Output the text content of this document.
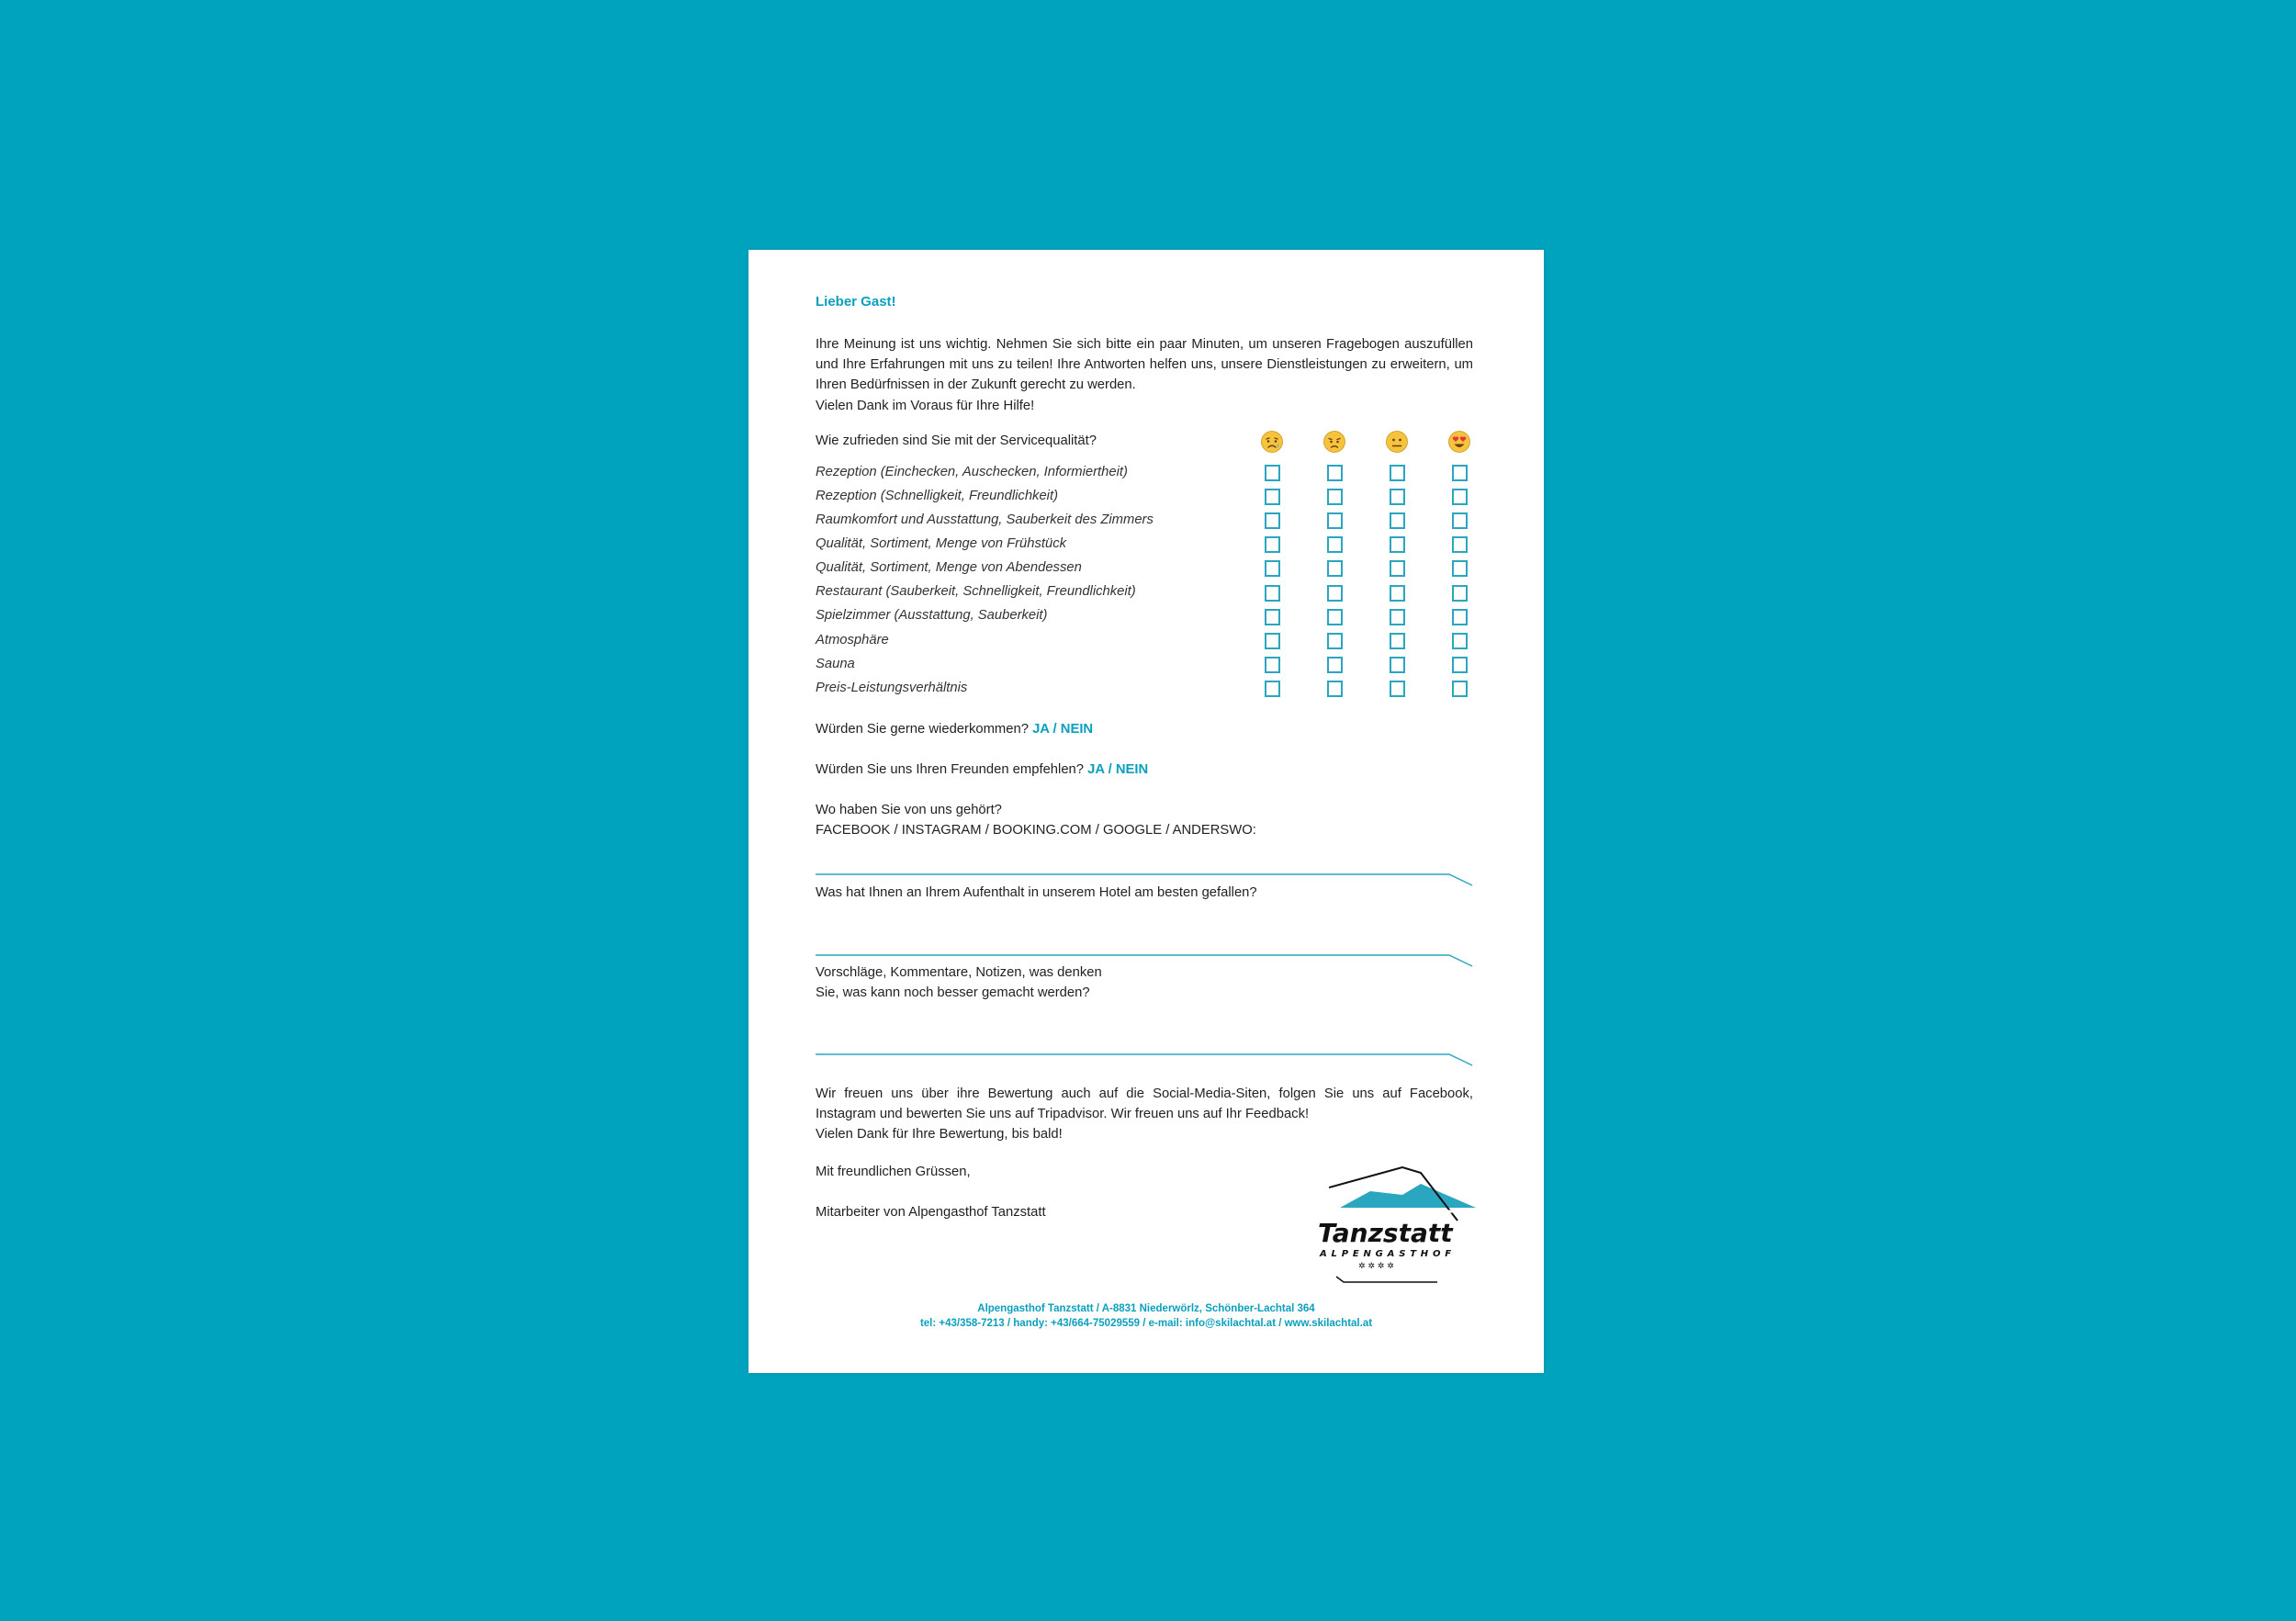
Lieber Gast!

Ihre Meinung ist uns wichtig. Nehmen Sie sich bitte ein paar Minuten, um unseren Fragebogen auszufüllen und Ihre Erfahrungen mit uns zu teilen! Ihre Antworten helfen uns, unsere Dienstleistungen zu erweitern, um Ihren Bedürfnissen in der Zukunft gerecht zu werden.

Vielen Dank im Voraus für Ihre Hilfe!

Wie zufrieden sind Sie mit der Servicequalität?
Rezeption (Einchecken, Auschecken, Informiertheit)
Rezeption (Schnelligkeit, Freundlichkeit)
Raumkomfort und Ausstattung, Sauberkeit des Zimmers
Qualität, Sortiment, Menge von Frühstück
Qualität, Sortiment, Menge von Abendessen
Restaurant (Sauberkeit, Schnelligkeit, Freundlichkeit)
Spielzimmer (Ausstattung, Sauberkeit)
Atmosphäre
Sauna
Preis-Leistungsverhältnis
Würden Sie gerne wiederkommen? JA / NEIN
Würden Sie uns Ihren Freunden empfehlen? JA / NEIN
Wo haben Sie von uns gehört?
FACEBOOK / INSTAGRAM / BOOKING.COM / GOOGLE / ANDERSWO:
Was hat Ihnen an Ihrem Aufenthalt in unserem Hotel am besten gefallen?
Vorschläge, Kommentare, Notizen, was denken
Sie, was kann noch besser gemacht werden?

Wir freuen uns über ihre Bewertung auch auf die Social-Media-Siten, folgen Sie uns auf Facebook, Instagram und bewerten Sie uns auf Tripadvisor. Wir freuen uns auf Ihr Feedback!

Vielen Dank für Ihre Bewertung, bis bald!

Mit freundlichen Grüssen,
Mitarbeiter von Alpengasthof Tanzstatt
Tanzstatt
ALPENGASTHOF
✲ ✲ ✲ ✲
Alpengasthof Tanzstatt / A-8831 Niederwörlz, Schönber-Lachtal 364
tel: +43/358-7213 / handy: +43/664-75029559 / e-mail: info@skilachtal.at / www.skilachtal.at
